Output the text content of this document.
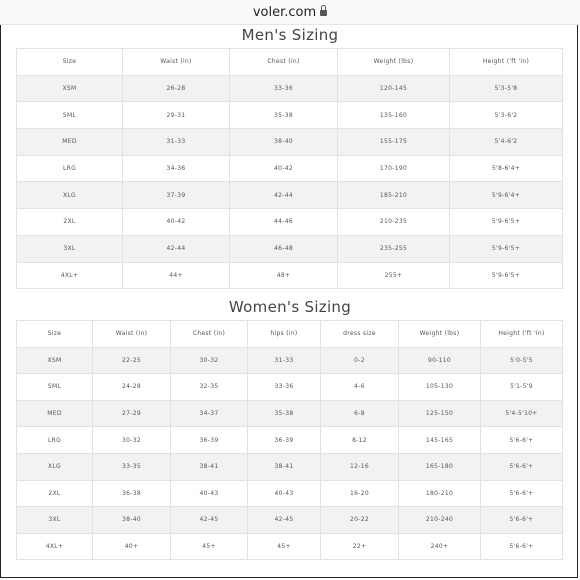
voler.com
Men's Sizing
Size	Waist (in)	Chest (in)	Weight (lbs)	Height ('ft 'in)
XSM	26-28	33-36	120-145	5'3-5'8
SML	29-31	35-38	135-160	5'3-6'2
MED	31-33	38-40	155-175	5'4-6'2
LRG	34-36	40-42	170-190	5'8-6'4+
XLG	37-39	42-44	185-210	5'9-6'4+
2XL	40-42	44-46	210-235	5'9-6'5+
3XL	42-44	46-48	235-255	5'9-6'5+
4XL+	44+	48+	255+	5'9-6'5+
Women's Sizing
Size	Waist (in)	Chest (in)	hips (in)	dress size	Weight (lbs)	Height ('ft 'in)
XSM	22-25	30-32	31-33	0-2	90-110	5'0-5'5
SML	24-28	32-35	33-36	4-6	105-130	5'1-5'9
MED	27-29	34-37	35-38	6-8	125-150	5'4-5'10+
LRG	30-32	36-39	36-39	8-12	145-165	5'6-6'+
XLG	33-35	38-41	38-41	12-16	165-180	5'6-6'+
2XL	36-38	40-43	40-43	16-20	180-210	5'6-6'+
3XL	38-40	42-45	42-45	20-22	210-240	5'6-6'+
4XL+	40+	45+	45+	22+	240+	5'6-6'+
